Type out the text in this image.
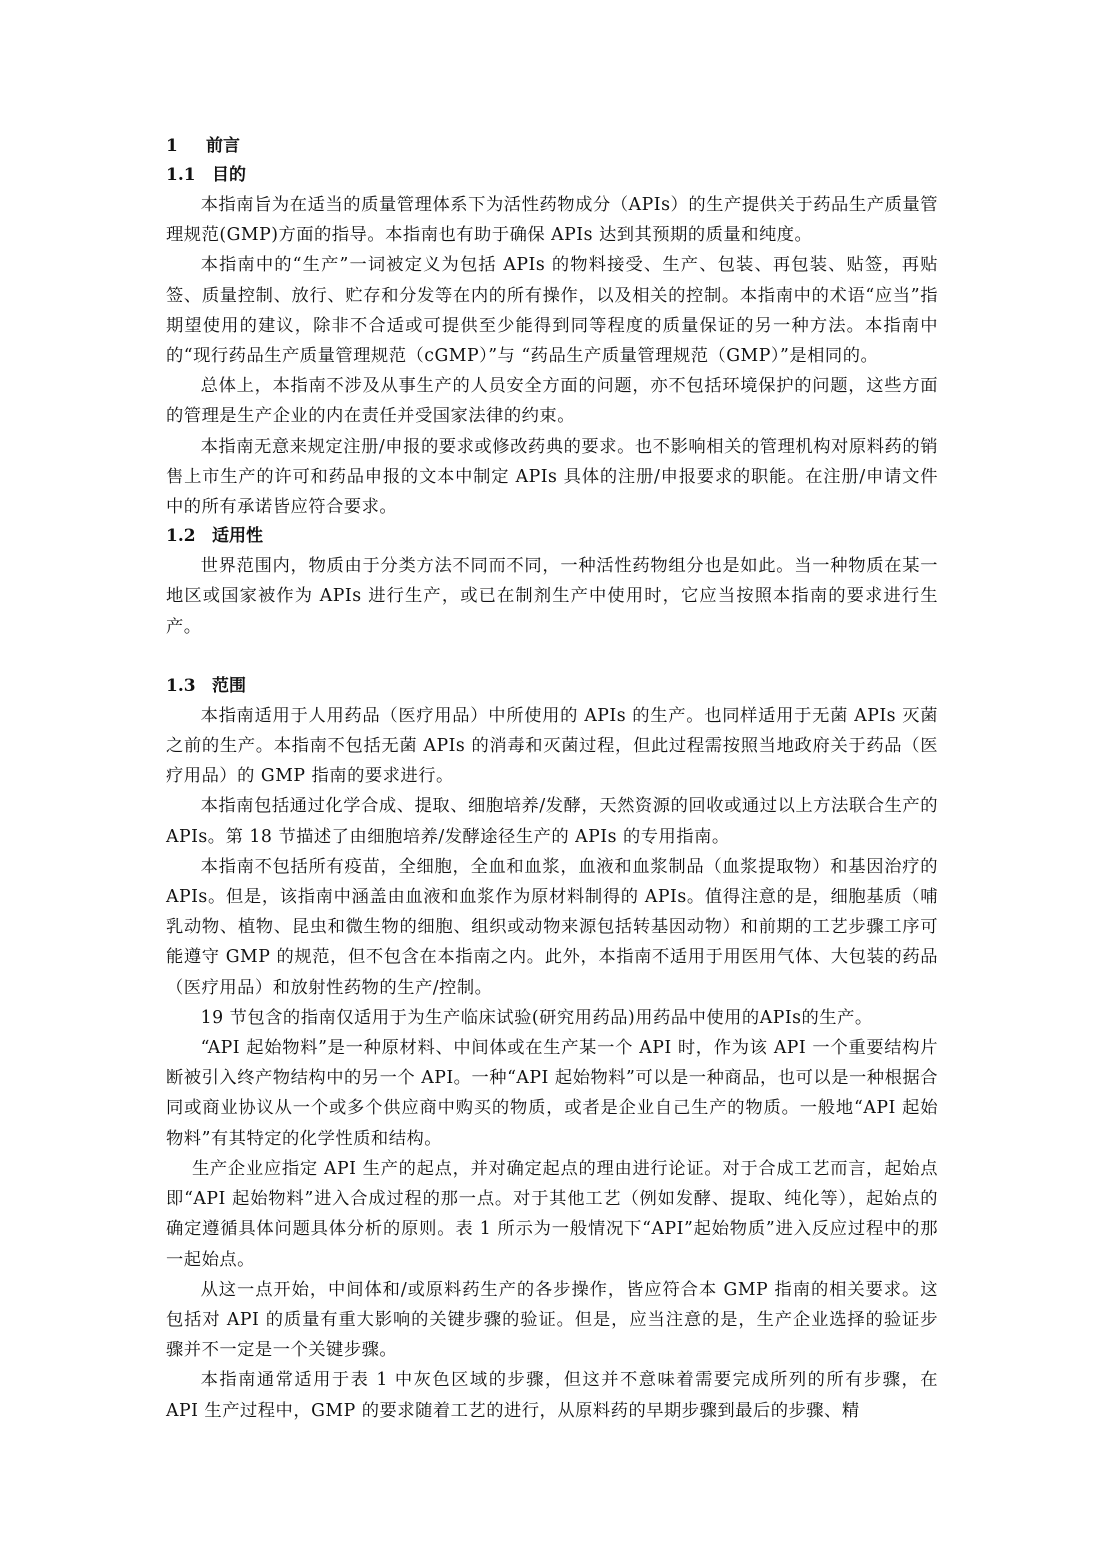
1 前言
1.1 目的

本指南旨为在适当的质量管理体系下为活性药物成分（APIs）的生产提供关于药品生产质量管理规范(GMP)方面的指导。本指南也有助于确保 APIs 达到其预期的质量和纯度。

本指南中的“生产”一词被定义为包括 APIs 的物料接受、生产、包装、再包装、贴签，再贴签、质量控制、放行、贮存和分发等在内的所有操作，以及相关的控制。本指南中的术语“应当”指期望使用的建议，除非不合适或可提供至少能得到同等程度的质量保证的另一种方法。本指南中的“现行药品生产质量管理规范（cGMP）”与 “药品生产质量管理规范（GMP）”是相同的。

总体上，本指南不涉及从事生产的人员安全方面的问题，亦不包括环境保护的问题，这些方面的管理是生产企业的内在责任并受国家法律的约束。

本指南无意来规定注册/申报的要求或修改药典的要求。也不影响相关的管理机构对原料药的销售上市生产的许可和药品申报的文本中制定 APIs 具体的注册/申报要求的职能。在注册/申请文件中的所有承诺皆应符合要求。

1.2 适用性

世界范围内，物质由于分类方法不同而不同，一种活性药物组分也是如此。当一种物质在某一地区或国家被作为 APIs 进行生产，或已在制剂生产中使用时，它应当按照本指南的要求进行生产。

1.3 范围

本指南适用于人用药品（医疗用品）中所使用的 APIs 的生产。也同样适用于无菌 APIs 灭菌之前的生产。本指南不包括无菌 APIs 的消毒和灭菌过程，但此过程需按照当地政府关于药品（医疗用品）的 GMP 指南的要求进行。

本指南包括通过化学合成、提取、细胞培养/发酵，天然资源的回收或通过以上方法联合生产的 APIs。第 18 节描述了由细胞培养/发酵途径生产的 APIs 的专用指南。

本指南不包括所有疫苗，全细胞，全血和血浆，血液和血浆制品（血浆提取物）和基因治疗的 APIs。但是，该指南中涵盖由血液和血浆作为原材料制得的 APIs。值得注意的是，细胞基质（哺乳动物、植物、昆虫和微生物的细胞、组织或动物来源包括转基因动物）和前期的工艺步骤工序可能遵守 GMP 的规范，但不包含在本指南之内。此外，本指南不适用于用医用气体、大包装的药品（医疗用品）和放射性药物的生产/控制。

19 节包含的指南仅适用于为生产临床试验(研究用药品)用药品中使用的APIs的生产。

“API 起始物料”是一种原材料、中间体或在生产某一个 API 时，作为该 API 一个重要结构片断被引入终产物结构中的另一个 API。一种“API 起始物料”可以是一种商品，也可以是一种根据合同或商业协议从一个或多个供应商中购买的物质，或者是企业自己生产的物质。一般地“API 起始物料”有其特定的化学性质和结构。

生产企业应指定 API 生产的起点，并对确定起点的理由进行论证。对于合成工艺而言，起始点即“API 起始物料”进入合成过程的那一点。对于其他工艺（例如发酵、提取、纯化等），起始点的确定遵循具体问题具体分析的原则。表 1 所示为一般情况下“API”起始物质”进入反应过程中的那一起始点。

从这一点开始，中间体和/或原料药生产的各步操作，皆应符合本 GMP 指南的相关要求。这包括对 API 的质量有重大影响的关键步骤的验证。但是，应当注意的是，生产企业选择的验证步骤并不一定是一个关键步骤。

本指南通常适用于表 1 中灰色区域的步骤，但这并不意味着需要完成所列的所有步骤，在 API 生产过程中，GMP 的要求随着工艺的进行，从原料药的早期步骤到最后的步骤、精
